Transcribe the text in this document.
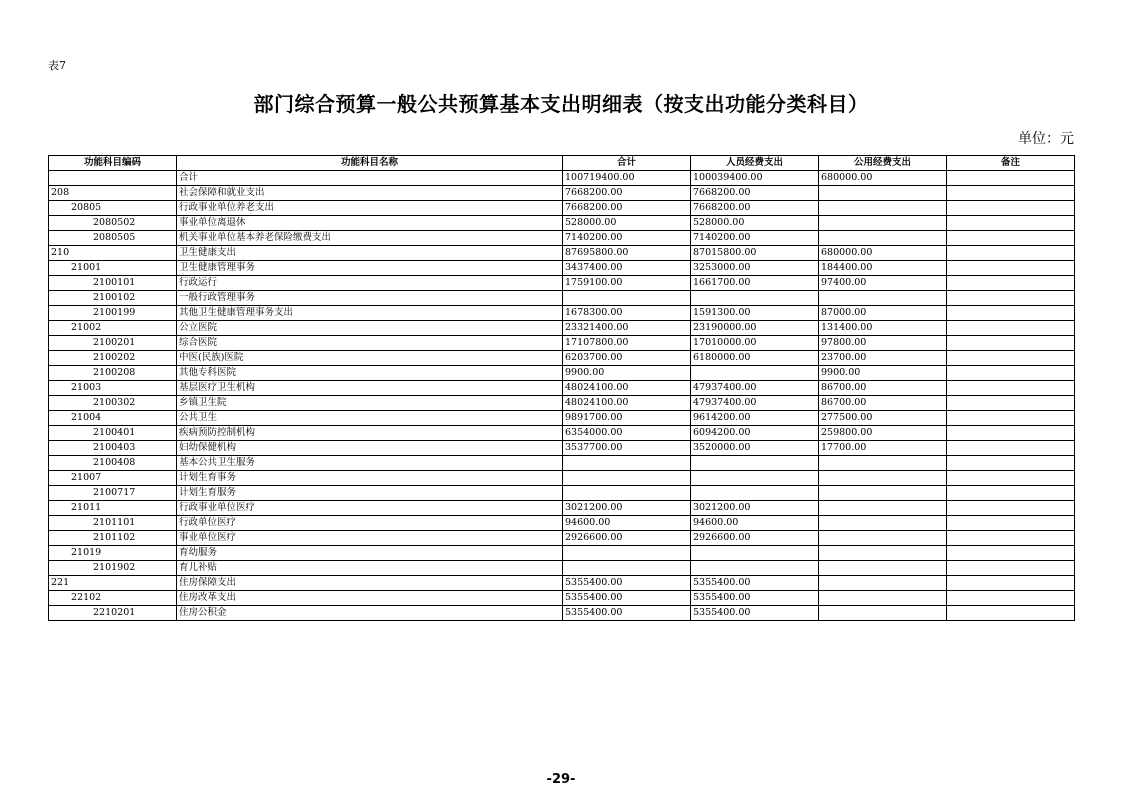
表7
部门综合预算一般公共预算基本支出明细表（按支出功能分类科目）
单位：元
功能科目编码	功能科目名称	合计	人员经费支出	公用经费支出	备注
	合计	100719400.00	100039400.00	680000.00	
208	社会保障和就业支出	7668200.00	7668200.00		
20805	行政事业单位养老支出	7668200.00	7668200.00		
2080502	事业单位离退休	528000.00	528000.00		
2080505	机关事业单位基本养老保险缴费支出	7140200.00	7140200.00		
210	卫生健康支出	87695800.00	87015800.00	680000.00	
21001	卫生健康管理事务	3437400.00	3253000.00	184400.00	
2100101	行政运行	1759100.00	1661700.00	97400.00	
2100102	一般行政管理事务				
2100199	其他卫生健康管理事务支出	1678300.00	1591300.00	87000.00	
21002	公立医院	23321400.00	23190000.00	131400.00	
2100201	综合医院	17107800.00	17010000.00	97800.00	
2100202	中医(民族)医院	6203700.00	6180000.00	23700.00	
2100208	其他专科医院	9900.00		9900.00	
21003	基层医疗卫生机构	48024100.00	47937400.00	86700.00	
2100302	乡镇卫生院	48024100.00	47937400.00	86700.00	
21004	公共卫生	9891700.00	9614200.00	277500.00	
2100401	疾病预防控制机构	6354000.00	6094200.00	259800.00	
2100403	妇幼保健机构	3537700.00	3520000.00	17700.00	
2100408	基本公共卫生服务				
21007	计划生育事务				
2100717	计划生育服务				
21011	行政事业单位医疗	3021200.00	3021200.00		
2101101	行政单位医疗	94600.00	94600.00		
2101102	事业单位医疗	2926600.00	2926600.00		
21019	育幼服务				
2101902	育儿补贴				
221	住房保障支出	5355400.00	5355400.00		
22102	住房改革支出	5355400.00	5355400.00		
2210201	住房公积金	5355400.00	5355400.00		
-29-
